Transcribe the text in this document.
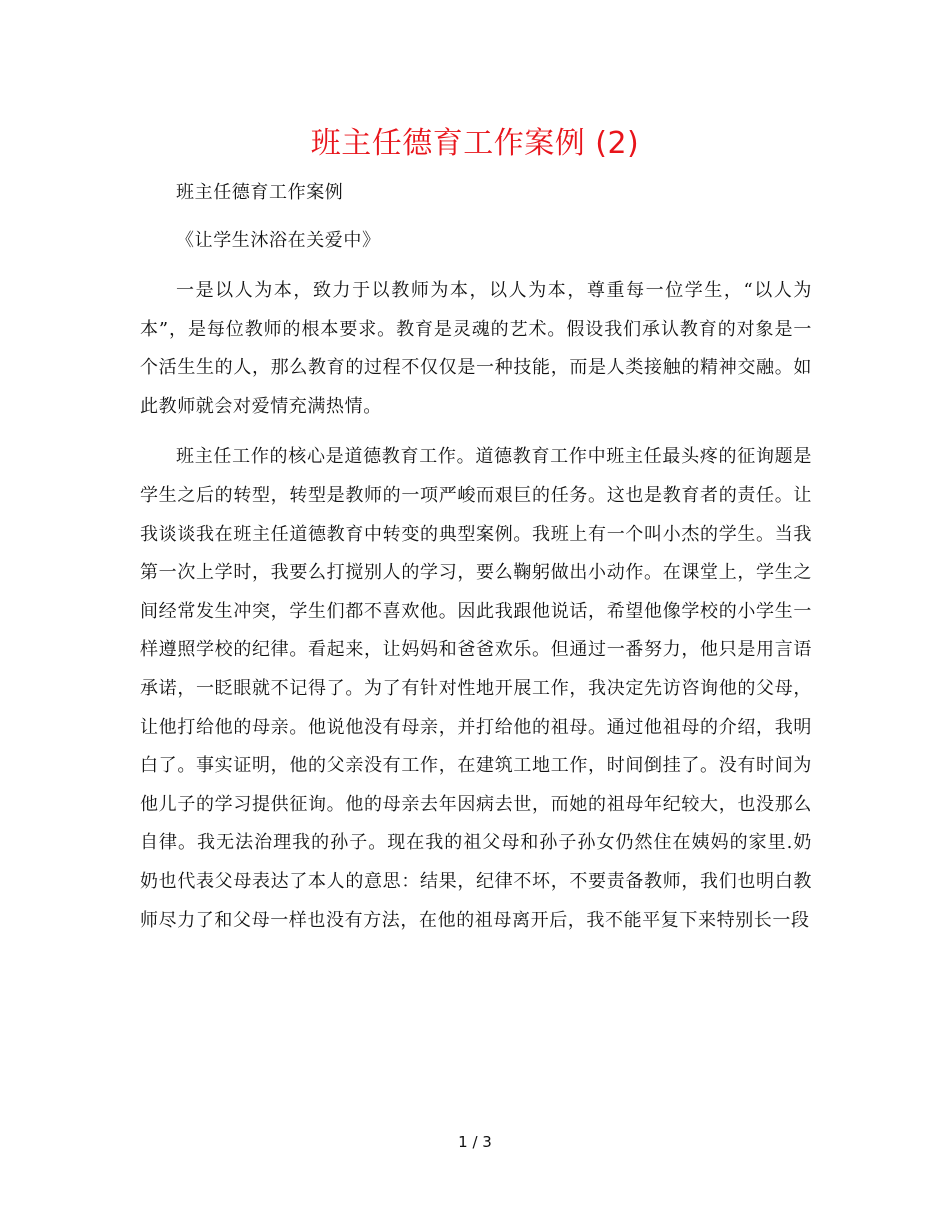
班主任德育工作案例 (2)

班主任德育工作案例

《让学生沐浴在关爱中》

一是以人为本，致力于以教师为本，以人为本，尊重每一位学生，“以人为本”，是每位教师的根本要求。教育是灵魂的艺术。假设我们承认教育的对象是一个活生生的人，那么教育的过程不仅仅是一种技能，而是人类接触的精神交融。如此教师就会对爱情充满热情。

班主任工作的核心是道德教育工作。道德教育工作中班主任最头疼的征询题是学生之后的转型，转型是教师的一项严峻而艰巨的任务。这也是教育者的责任。让我谈谈我在班主任道德教育中转变的典型案例。我班上有一个叫小杰的学生。当我第一次上学时，我要么打搅别人的学习，要么鞠躬做出小动作。在课堂上，学生之间经常发生冲突，学生们都不喜欢他。因此我跟他说话，希望他像学校的小学生一样遵照学校的纪律。看起来，让妈妈和爸爸欢乐。但通过一番努力，他只是用言语承诺，一眨眼就不记得了。为了有针对性地开展工作，我决定先访咨询他的父母，让他打给他的母亲。他说他没有母亲，并打给他的祖母。通过他祖母的介绍，我明白了。事实证明，他的父亲没有工作，在建筑工地工作，时间倒挂了。没有时间为他儿子的学习提供征询。他的母亲去年因病去世，而她的祖母年纪较大，也没那么自律。我无法治理我的孙子。现在我的祖父母和孙子孙女仍然住在姨妈的家里.奶奶也代表父母表达了本人的意思：结果，纪律不坏，不要责备教师，我们也明白教师尽力了和父母一样也没有方法，在他的祖母离开后，我不能平复下来特别长一段

1 / 3
